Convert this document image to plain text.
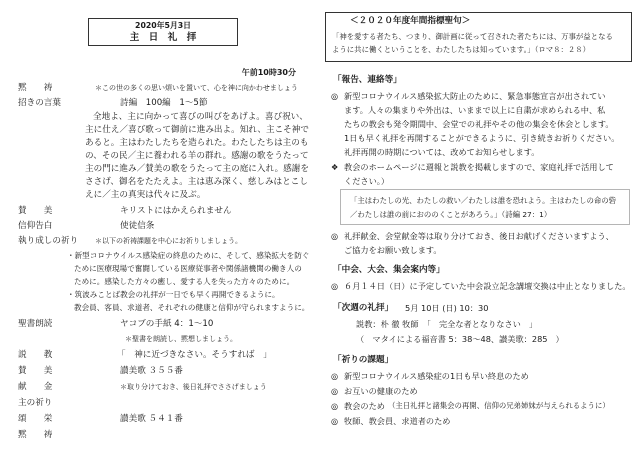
2020年5月3日
主　日　礼　拝
午前10時30分
黙　　祷	＊この世の多くの思い煩いを置いて、心を神に向かわせましょう
招きの言葉	詩編　100編　1〜5節
全地よ、主に向かって喜びの叫びをあげよ。喜び祝い、
主に仕え／喜び歌って御前に進み出よ。知れ、主こそ神で
あると。主はわたしたちを造られた。わたしたちは主のも
の、その民／主に養われる羊の群れ。感謝の歌をうたって
主の門に進み／賛美の歌をうたって主の庭に入れ。感謝を
ささげ、御名をたたえよ。主は恵み深く、慈しみはとこし
えに／主の真実は代々に及ぶ。
賛　　美	キリストにはかえられません
信仰告白	使徒信条
執り成しの祈り ＊以下の祈祷課題を中心にお祈りしましょう。
・新型コロナウイルス感染症の終息のために、そして、感染拡大を防ぐ
ために医療現場で奮闘している医療従事者や関係諸機関の働き人の
ために。感染した方々の癒し、愛する人を失った方々のために。
・筑波みことば教会の礼拝が一日でも早く再開できるように。
教会員、客員、求道者、それぞれの健康と信仰が守られますように。
聖書朗読	ヤコブの手紙 4：1〜10
＊聖書を朗読し、黙想しましょう。
説　　教	「　神に近づきなさい。そうすれば　」
賛　　美	讃美歌 ３５５番
献　　金	＊取り分けておき、後日礼拝でささげましょう
主の祈り
頌　　栄	讃美歌 ５４１番
黙　　祷
＜２０２０年度年間指標聖句＞
「神を愛する者たち、つまり、御計画に従って召された者たちには、万事が益となる
ように共に働くということを、わたしたちは知っています。」（ロマ８：２８）
「報告、連絡等」
◎ 新型コロナウイルス感染拡大防止のために、緊急事態宣言が出されてい
ます。人々の集まりや外出は、いままで以上に自粛が求められる中、私
たちの教会も発令期間中、会堂での礼拝やその他の集会を休会とします。
1日も早く礼拝を再開することができるように、引き続きお祈りください。
礼拝再開の時期については、改めてお知らせします。
❖ 教会のホームページに週報と説教を掲載しますので、家庭礼拝で活用して
ください。）
「主はわたしの光、わたしの救い／わたしは誰を恐れよう。主はわたしの命の砦
／わたしは誰の前におののくことがあろう。」（詩編 27：1）
◎ 礼拝献金、会堂献金等は取り分けておき、後日お献げくださいますよう、
ご協力をお願い致します。
「中会、大会、集会案内等」
◎ ６月１４日（日）に予定していた中会設立記念講壇交換は中止となりました。
「次週の礼拝」 5月 10日 (日) 10：30
説教：朴 徹 牧師　「　完全な者となりなさい　」
（　マタイによる福音書 5：38〜48、讃美歌：285　）
「祈りの課題」
◎ 新型コロナウイルス感染症の1日も早い終息のため
◎ お互いの健康のため
◎ 教会のため （主日礼拝と諸集会の再開、信仰の兄弟姉妹が与えられるように）
◎ 牧師、教会員、求道者のため
